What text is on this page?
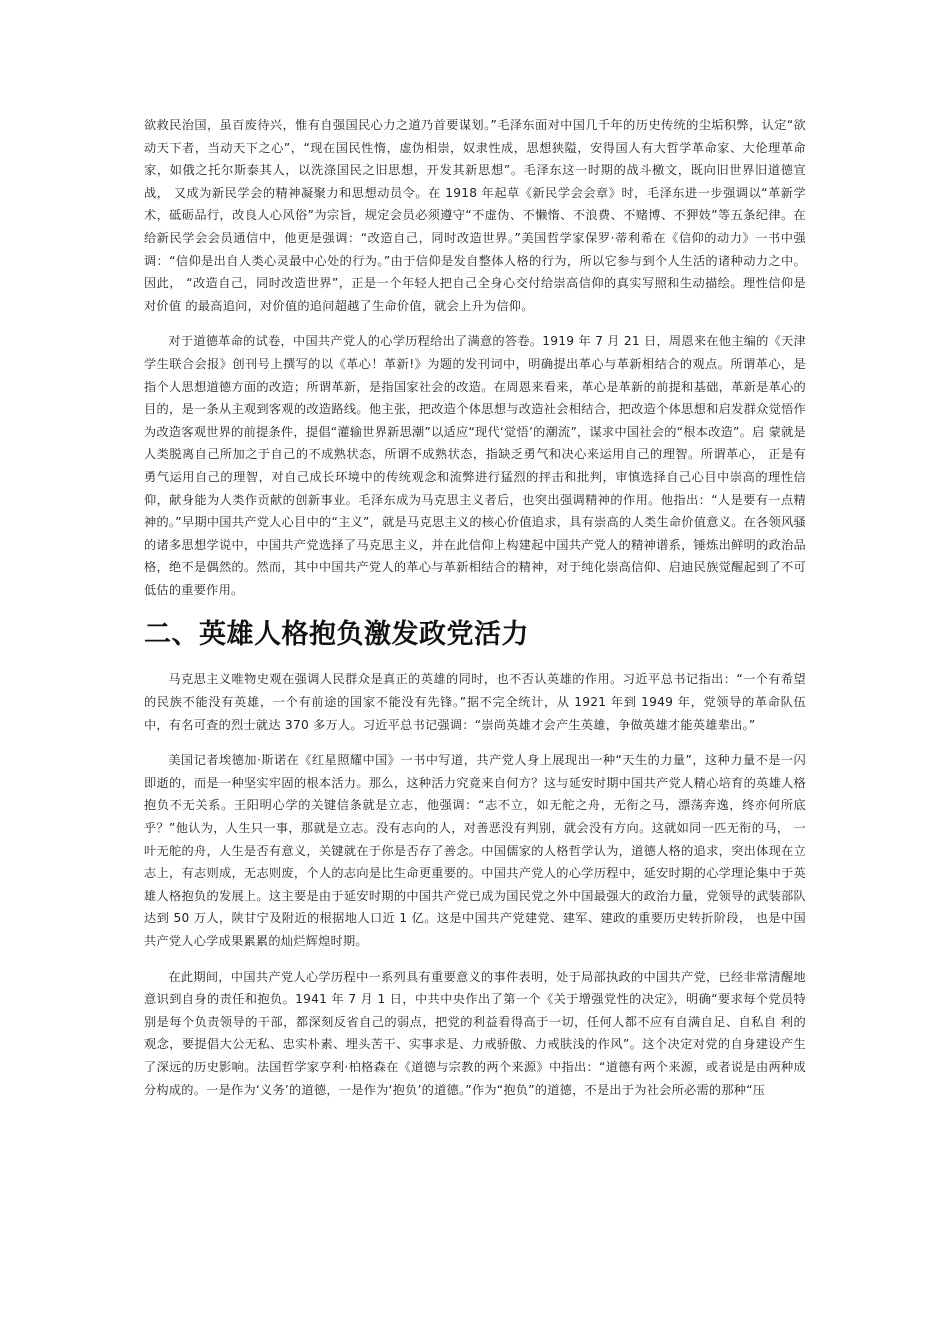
欲救民治国，虽百废待兴，惟有自强国民心力之道乃首要谋划。”毛泽东面对中国几千年的历史传统的尘垢积弊，认定“欲动天下者，当动天下之心”，“现在国民性惰，虚伪相崇，奴隶性成，思想狭隘，安得国人有大哲学革命家、大伦理革命 家，如俄之托尔斯泰其人，以洗涤国民之旧思想，开发其新思想”。毛泽东这一时期的战斗檄文，既向旧世界旧道德宣战， 又成为新民学会的精神凝聚力和思想动员令。在 1918 年起草《新民学会会章》时，毛泽东进一步强调以“革新学术，砥砺品行，改良人心风俗”为宗旨，规定会员必须遵守“不虚伪、不懒惰、不浪费、不赌博、不狎妓”等五条纪律。在给新民学会会员通信中，他更是强调：“改造自己，同时改造世界。”美国哲学家保罗·蒂利希在《信仰的动力》一书中强调：“信仰是出自人类心灵最中心处的行为。”由于信仰是发自整体人格的行为，所以它参与到个人生活的诸种动力之中。因此， “改造自己，同时改造世界”，正是一个年轻人把自己全身心交付给崇高信仰的真实写照和生动描绘。理性信仰是对价值 的最高追问，对价值的追问超越了生命价值，就会上升为信仰。

对于道德革命的试卷，中国共产党人的心学历程给出了满意的答卷。1919 年 7 月 21 日，周恩来在他主编的《天津学生联合会报》创刊号上撰写的以《革心！革新!》为题的发刊词中，明确提出革心与革新相结合的观点。所谓革心，是指个人思想道德方面的改造；所谓革新，是指国家社会的改造。在周恩来看来，革心是革新的前提和基础，革新是革心的目的，是一条从主观到客观的改造路线。他主张，把改造个体思想与改造社会相结合，把改造个体思想和启发群众觉悟作为改造客观世界的前提条件，提倡“灌输世界新思潮”以适应“现代‘觉悟’的潮流”，谋求中国社会的“根本改造”。启 蒙就是人类脱离自己所加之于自己的不成熟状态，所谓不成熟状态，指缺乏勇气和决心来运用自己的理智。所谓革心， 正是有勇气运用自己的理智，对自己成长环境中的传统观念和流弊进行猛烈的抨击和批判，审慎选择自己心目中崇高的理性信仰，献身能为人类作贡献的创新事业。毛泽东成为马克思主义者后，也突出强调精神的作用。他指出：“人是要有一点精神的。”早期中国共产党人心目中的“主义”，就是马克思主义的核心价值追求，具有崇高的人类生命价值意义。在各领风骚的诸多思想学说中，中国共产党选择了马克思主义，并在此信仰上构建起中国共产党人的精神谱系，锤炼出鲜明的政治品格，绝不是偶然的。然而，其中中国共产党人的革心与革新相结合的精神，对于纯化崇高信仰、启迪民族觉醒起到了不可低估的重要作用。

二、英雄人格抱负激发政党活力

马克思主义唯物史观在强调人民群众是真正的英雄的同时，也不否认英雄的作用。习近平总书记指出：“一个有希望的民族不能没有英雄，一个有前途的国家不能没有先锋。”据不完全统计，从 1921 年到 1949 年，党领导的革命队伍中，有名可查的烈士就达 370 多万人。习近平总书记强调：“崇尚英雄才会产生英雄，争做英雄才能英雄辈出。”

美国记者埃德加·斯诺在《红星照耀中国》一书中写道，共产党人身上展现出一种“天生的力量”，这种力量不是一闪即逝的，而是一种坚实牢固的根本活力。那么，这种活力究竟来自何方？这与延安时期中国共产党人精心培育的英雄人格抱负不无关系。王阳明心学的关键信条就是立志，他强调：“志不立，如无舵之舟，无衔之马，漂荡奔逸，终亦何所底乎？”他认为，人生只一事，那就是立志。没有志向的人，对善恶没有判别，就会没有方向。这就如同一匹无衔的马， 一叶无舵的舟，人生是否有意义，关键就在于你是否存了善念。中国儒家的人格哲学认为，道德人格的追求，突出体现在立志上，有志则成，无志则废，个人的志向是比生命更重要的。中国共产党人的心学历程中，延安时期的心学理论集中于英雄人格抱负的发展上。这主要是由于延安时期的中国共产党已成为国民党之外中国最强大的政治力量，党领导的武装部队达到 50 万人，陕甘宁及附近的根据地人口近 1 亿。这是中国共产党建党、建军、建政的重要历史转折阶段， 也是中国共产党人心学成果累累的灿烂辉煌时期。

在此期间，中国共产党人心学历程中一系列具有重要意义的事件表明，处于局部执政的中国共产党，已经非常清醒地意识到自身的责任和抱负。1941 年 7 月 1 日，中共中央作出了第一个《关于增强党性的决定》，明确“要求每个党员特别是每个负责领导的干部，都深刻反省自己的弱点，把党的利益看得高于一切，任何人都不应有自满自足、自私自 利的观念，要提倡大公无私、忠实朴素、埋头苦干、实事求是、力戒骄傲、力戒肤浅的作风”。这个决定对党的自身建设产生了深远的历史影响。法国哲学家亨利·柏格森在《道德与宗教的两个来源》中指出：“道德有两个来源，或者说是由两种成分构成的。一是作为‘义务’的道德，一是作为‘抱负’的道德。”作为“抱负”的道德，不是出于为社会所必需的那种“压
